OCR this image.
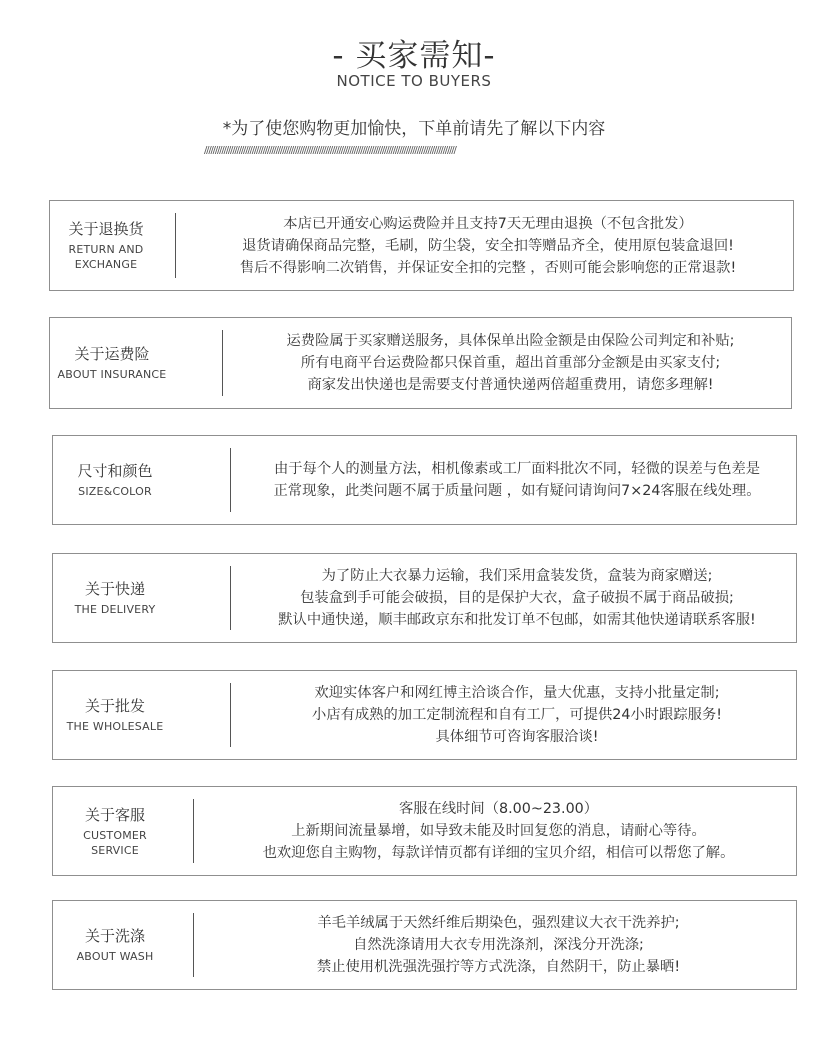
- 买家需知-
NOTICE TO BUYERS
*为了使您购物更加愉快，下单前请先了解以下内容
////////////////////////////////////////////////////////////////////////////////////////////////////////////////////
关于退换货
RETURN AND
EXCHANGE
本店已开通安心购运费险并且支持7天无理由退换（不包含批发）
退货请确保商品完整，毛刷，防尘袋，安全扣等赠品齐全，使用原包装盒退回!
售后不得影响二次销售，并保证安全扣的完整 ，否则可能会影响您的正常退款!
关于运费险
ABOUT INSURANCE
运费险属于买家赠送服务，具体保单出险金额是由保险公司判定和补贴;
所有电商平台运费险都只保首重，超出首重部分金额是由买家支付;
商家发出快递也是需要支付普通快递两倍超重费用，请您多理解!
尺寸和颜色
SIZE&COLOR
由于每个人的测量方法，相机像素或工厂面料批次不同，轻微的误差与色差是
正常现象，此类问题不属于质量问题 ，如有疑问请询问7×24客服在线处理。
关于快递
THE DELIVERY
为了防止大衣暴力运输，我们采用盒装发货，盒装为商家赠送;
包装盒到手可能会破损，目的是保护大衣，盒子破损不属于商品破损;
默认中通快递，顺丰邮政京东和批发订单不包邮，如需其他快递请联系客服!
关于批发
THE WHOLESALE
欢迎实体客户和网红博主洽谈合作，量大优惠，支持小批量定制;
小店有成熟的加工定制流程和自有工厂，可提供24小时跟踪服务!
具体细节可咨询客服洽谈!
关于客服
CUSTOMER
SERVICE
客服在线时间（8.00~23.00）
上新期间流量暴增，如导致未能及时回复您的消息，请耐心等待。
也欢迎您自主购物，每款详情页都有详细的宝贝介绍，相信可以帮您了解。
关于洗涤
ABOUT WASH
羊毛羊绒属于天然纤维后期染色，强烈建议大衣干洗养护;
自然洗涤请用大衣专用洗涤剂，深浅分开洗涤;
禁止使用机洗强洗强拧等方式洗涤，自然阴干，防止暴晒!
